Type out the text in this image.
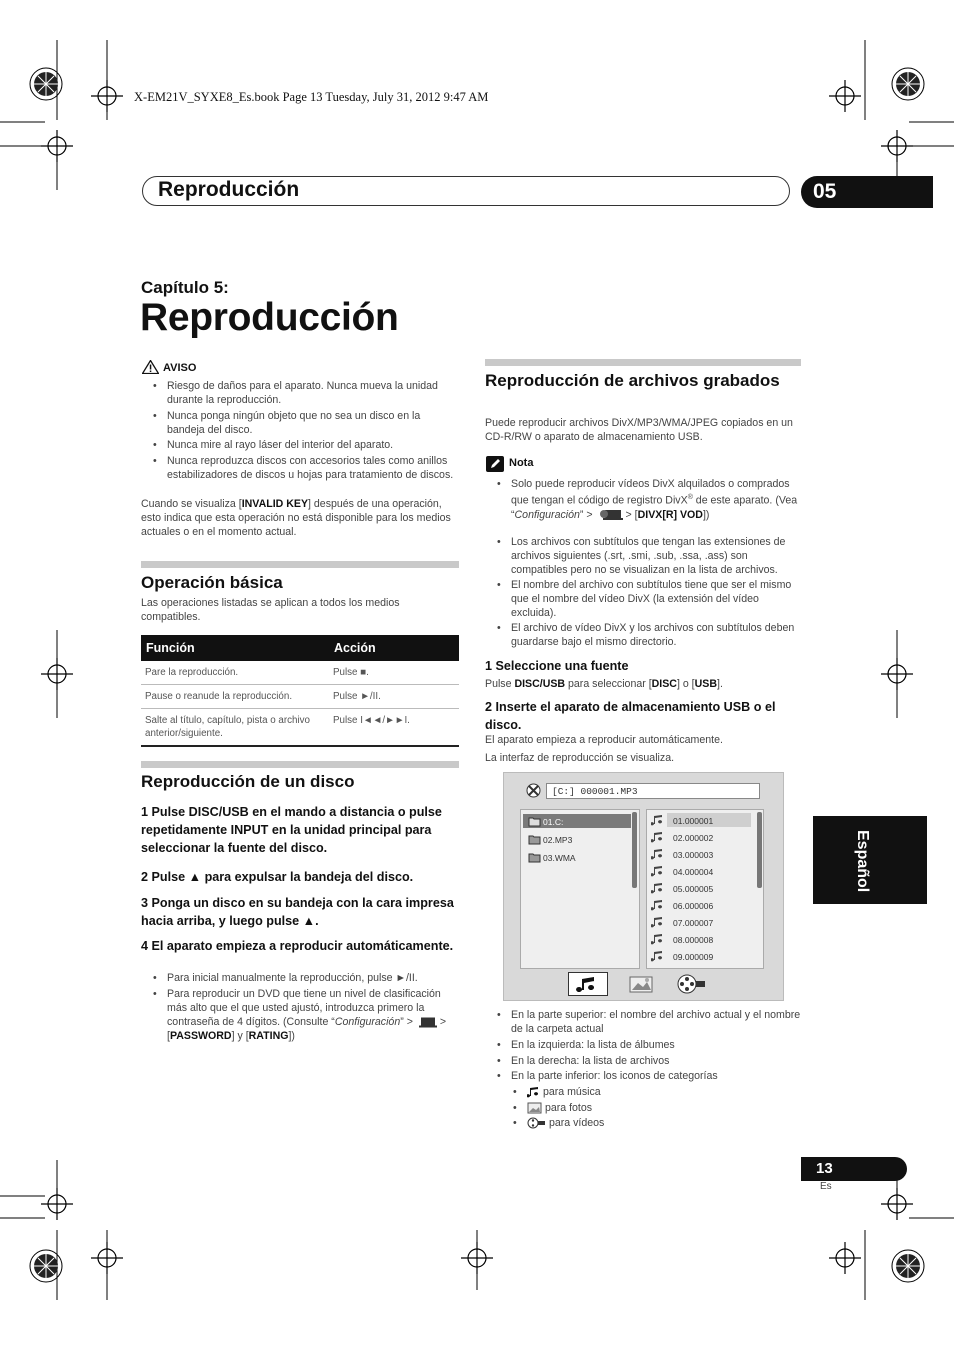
X-EM21V_SYXE8_Es.book Page 13 Tuesday, July 31, 2012 9:47 AM
Reproducción	05
Capítulo 5:
Reproducción
AVISO
• Riesgo de daños para el aparato. Nunca mueva la unidad durante la reproducción.
• Nunca ponga ningún objeto que no sea un disco en la bandeja del disco.
• Nunca mire al rayo láser del interior del aparato.
• Nunca reproduzca discos con accesorios tales como anillos estabilizadores de discos u hojas para tratamiento de discos.
Cuando se visualiza [INVALID KEY] después de una operación, esto indica que esta operación no está disponible para los medios actuales o en el momento actual.
Operación básica
Las operaciones listadas se aplican a todos los medios compatibles.
Función	Acción
Pare la reproducción.	Pulse ■.
Pause o reanude la reproducción.	Pulse ►/II.
Salte al título, capítulo, pista o archivo anterior/siguiente.	Pulse I◄◄/►►I.
Reproducción de un disco
1 Pulse DISC/USB en el mando a distancia o pulse repetidamente INPUT en la unidad principal para seleccionar la fuente del disco.
2 Pulse ▲ para expulsar la bandeja del disco.
3 Ponga un disco en su bandeja con la cara impresa hacia arriba, y luego pulse ▲.
4 El aparato empieza a reproducir automáticamente.
• Para inicial manualmente la reproducción, pulse ►/II.
• Para reproducir un DVD que tiene un nivel de clasificación más alto que el que usted ajustó, introduzca primero la contraseña de 4 dígitos. (Consulte “Configuración” >	> [PASSWORD] y [RATING])
Reproducción de archivos grabados
Puede reproducir archivos DivX/MP3/WMA/JPEG copiados en un CD-R/RW o aparato de almacenamiento USB.
Nota
• Solo puede reproducir vídeos DivX alquilados o comprados que tengan el código de registro DivX® de este aparato. (Vea “Configuración” >	> [DIVX[R] VOD])
• Los archivos con subtítulos que tengan las extensiones de archivos siguientes (.srt, .smi, .sub, .ssa, .ass) son compatibles pero no se visualizan en la lista de archivos.
• El nombre del archivo con subtítulos tiene que ser el mismo que el nombre del vídeo DivX (la extensión del vídeo excluida).
• El archivo de vídeo DivX y los archivos con subtítulos deben guardarse bajo el mismo directorio.
1 Seleccione una fuente
Pulse DISC/USB para seleccionar [DISC] o [USB].
2 Inserte el aparato de almacenamiento USB o el disco.
El aparato empieza a reproducir automáticamente.
La interfaz de reproducción se visualiza.
[C:] 000001.MP3
01.C:
02.MP3
03.WMA
01.000001
02.000002
03.000003
04.000004
05.000005
06.000006
07.000007
08.000008
09.000009
• En la parte superior: el nombre del archivo actual y el nombre de la carpeta actual
• En la izquierda: la lista de álbumes
• En la derecha: la lista de archivos
• En la parte inferior: los iconos de categorías
• para música
•	para fotos
•	para vídeos
Español
13
Es
